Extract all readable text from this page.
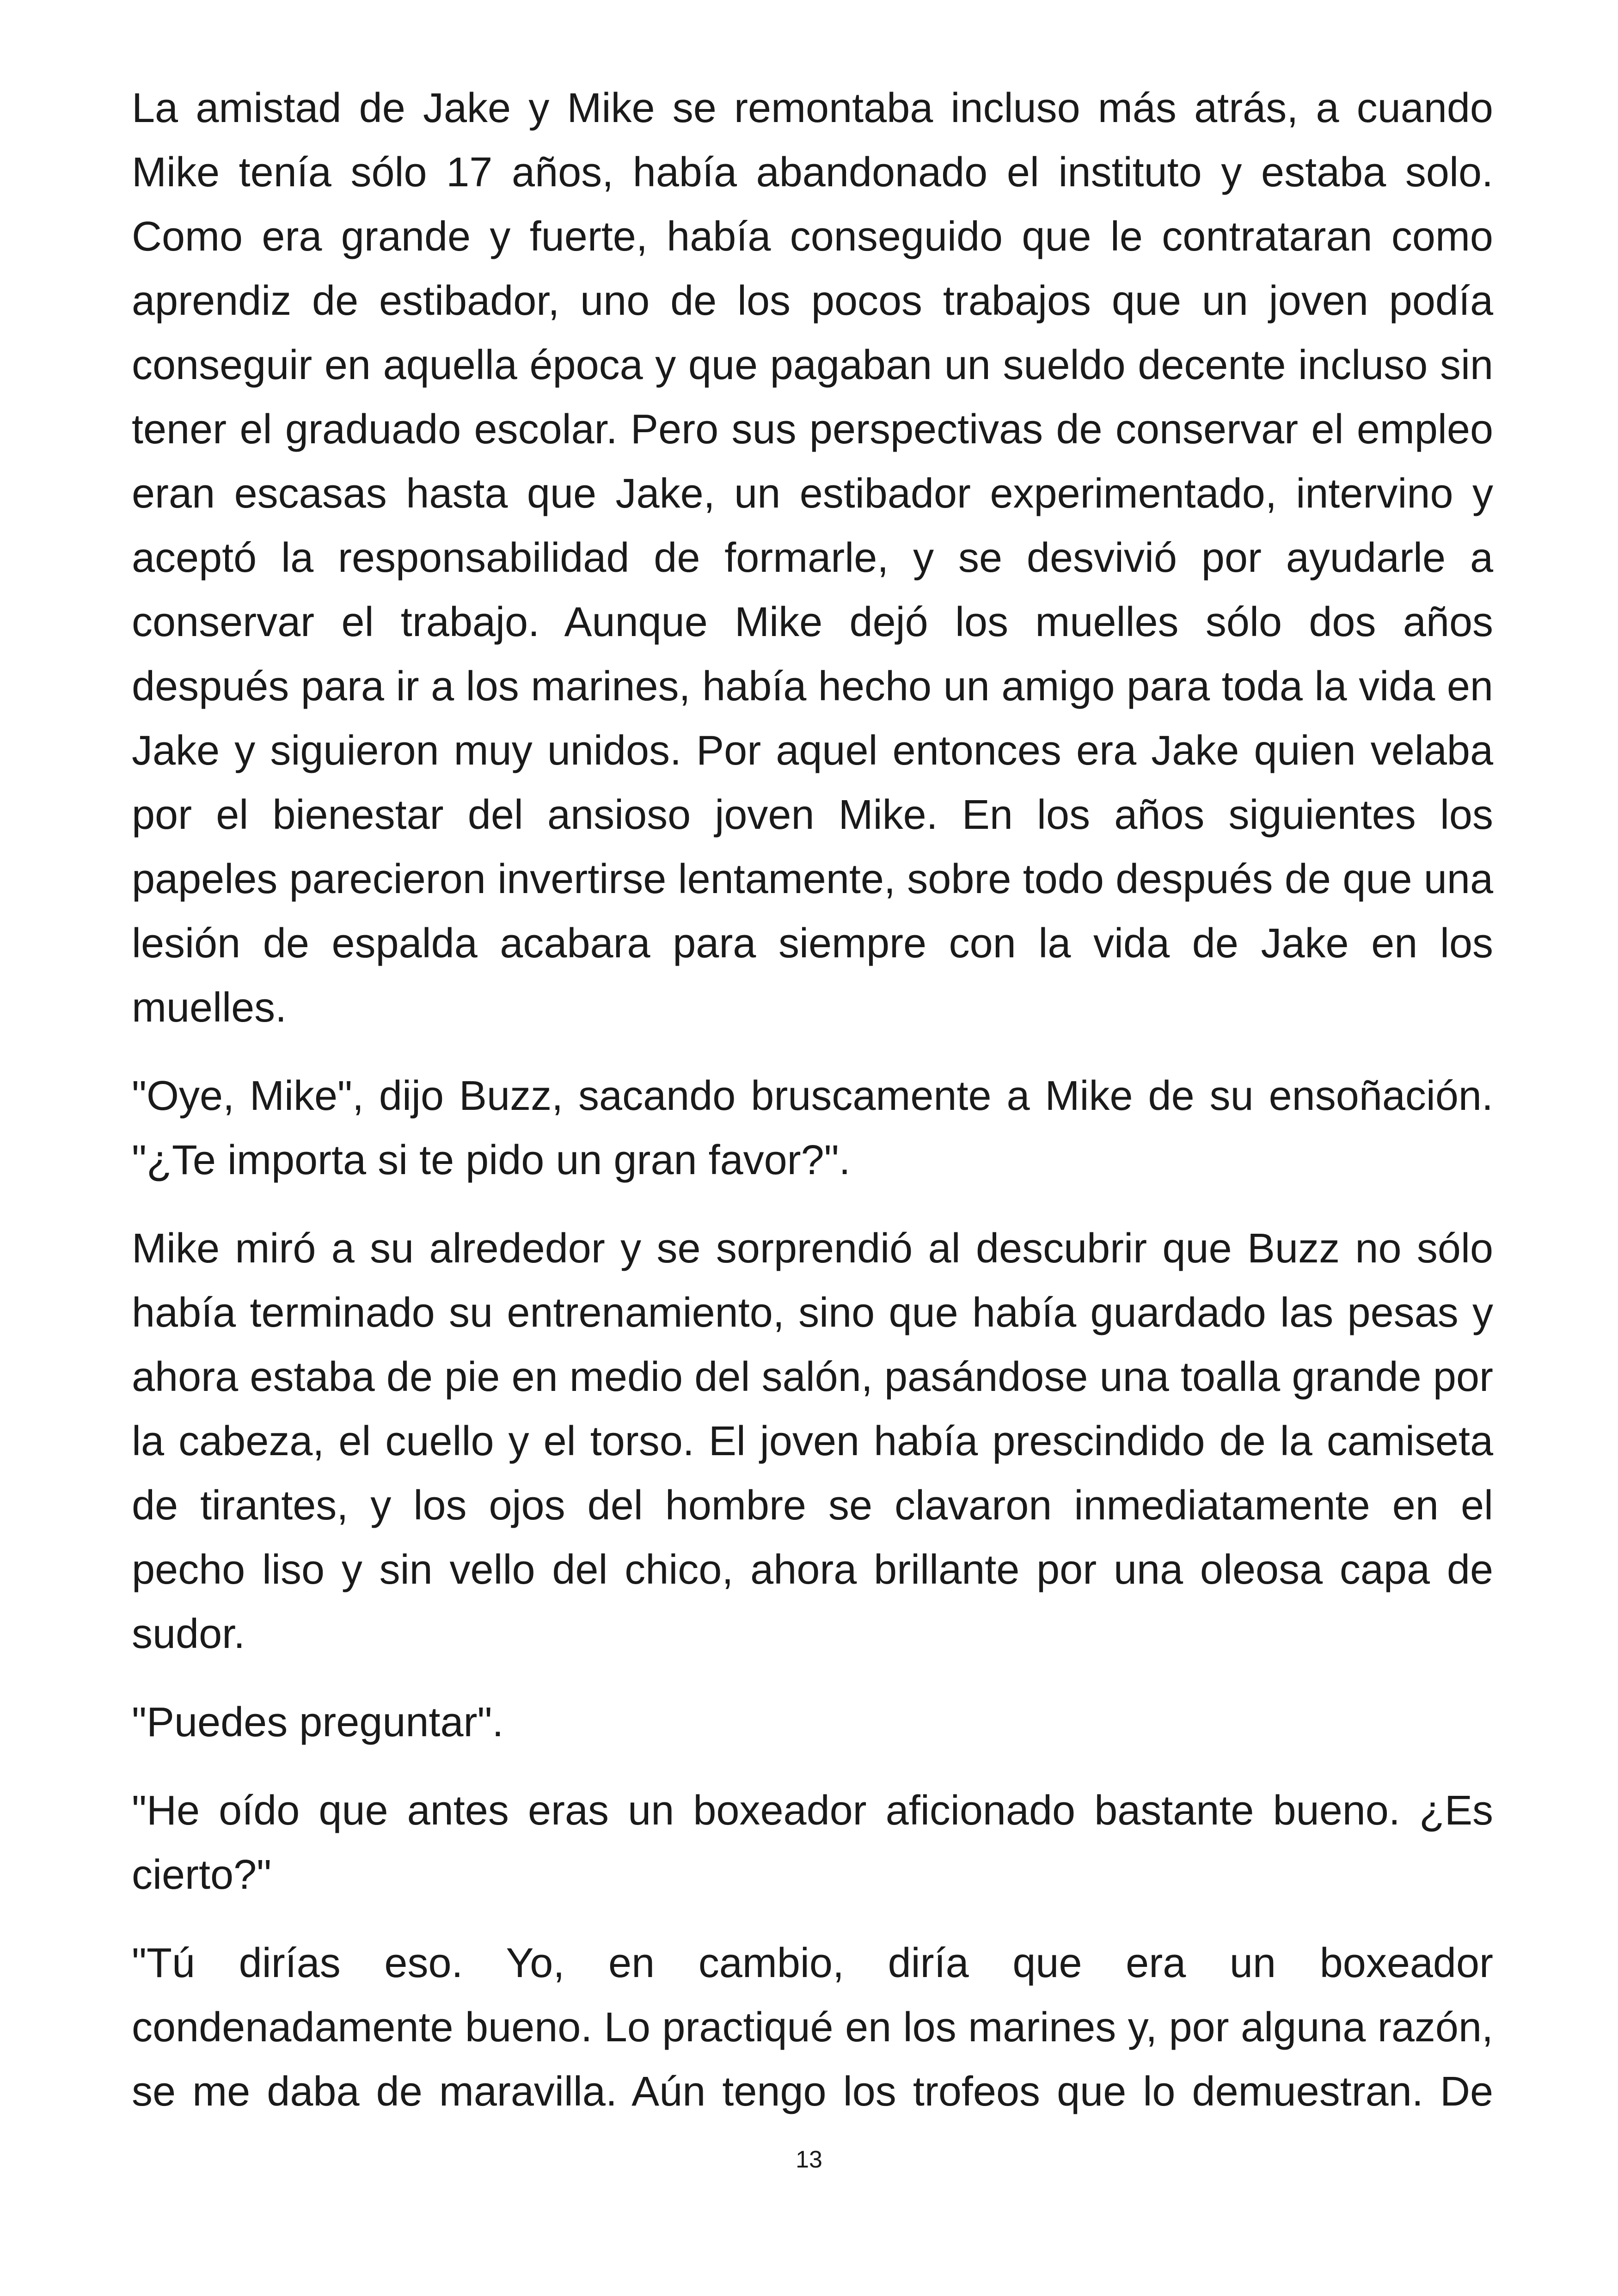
La amistad de Jake y Mike se remontaba incluso más atrás, a cuando Mike tenía sólo 17 años, había abandonado el instituto y estaba solo. Como era grande y fuerte, había conseguido que le contrataran como aprendiz de estibador, uno de los pocos trabajos que un joven podía conseguir en aquella época y que pagaban un sueldo decente incluso sin tener el graduado escolar. Pero sus perspectivas de conservar el empleo eran escasas hasta que Jake, un estibador experimentado, intervino y aceptó la responsabilidad de formarle, y se desvivió por ayudarle a conservar el trabajo. Aunque Mike dejó los muelles sólo dos años después para ir a los marines, había hecho un amigo para toda la vida en Jake y siguieron muy unidos. Por aquel entonces era Jake quien velaba por el bienestar del ansioso joven Mike. En los años siguientes los papeles parecieron invertirse lentamente, sobre todo después de que una lesión de espalda acabara para siempre con la vida de Jake en los muelles.

"Oye, Mike", dijo Buzz, sacando bruscamente a Mike de su ensoñación. "¿Te importa si te pido un gran favor?".

Mike miró a su alrededor y se sorprendió al descubrir que Buzz no sólo había terminado su entrenamiento, sino que había guardado las pesas y ahora estaba de pie en medio del salón, pasándose una toalla grande por la cabeza, el cuello y el torso. El joven había prescindido de la camiseta de tirantes, y los ojos del hombre se clavaron inmediatamente en el pecho liso y sin vello del chico, ahora brillante por una oleosa capa de sudor.

"Puedes preguntar".

"He oído que antes eras un boxeador aficionado bastante bueno. ¿Es cierto?"

"Tú dirías eso. Yo, en cambio, diría que era un boxeador condenadamente bueno. Lo practiqué en los marines y, por alguna razón, se me daba de maravilla. Aún tengo los trofeos que lo demuestran. De

13
